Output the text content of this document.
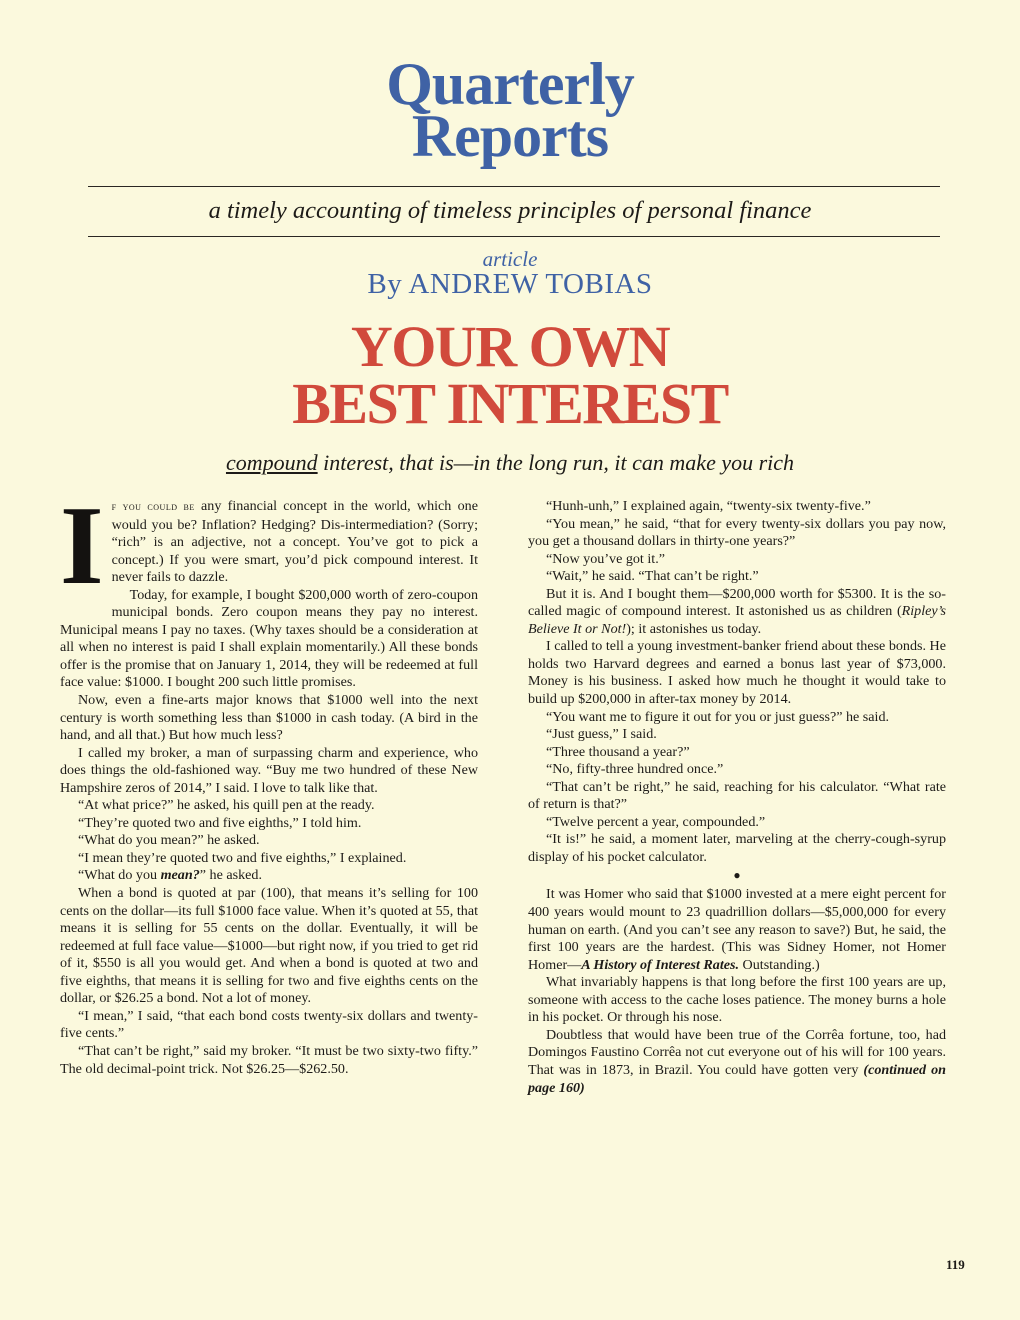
Quarterly
Reports
a timely accounting of timeless principles of personal finance
article
By ANDREW TOBIAS
YOUR OWN
BEST INTEREST
compound interest, that is—in the long run, it can make you rich

If you could be any financial concept in the world, which one would you be? Inflation? Hedging? Dis-intermediation? (Sorry; “rich” is an adjective, not a concept. You’ve got to pick a concept.) If you were smart, you’d pick compound interest. It never fails to dazzle.

Today, for example, I bought $200,000 worth of zero-coupon municipal bonds. Zero coupon means they pay no interest. Municipal means I pay no taxes. (Why taxes should be a consideration at all when no interest is paid I shall explain momentarily.) All these bonds offer is the promise that on January 1, 2014, they will be redeemed at full face value: $1000. I bought 200 such little promises.

Now, even a fine-arts major knows that $1000 well into the next century is worth something less than $1000 in cash today. (A bird in the hand, and all that.) But how much less?

I called my broker, a man of surpassing charm and experience, who does things the old-fashioned way. “Buy me two hundred of these New Hampshire zeros of 2014,” I said. I love to talk like that.

“At what price?” he asked, his quill pen at the ready.

“They’re quoted two and five eighths,” I told him.

“What do you mean?” he asked.

“I mean they’re quoted two and five eighths,” I explained.

“What do you mean?” he asked.

When a bond is quoted at par (100), that means it’s selling for 100 cents on the dollar—its full $1000 face value. When it’s quoted at 55, that means it is selling for 55 cents on the dollar. Eventually, it will be redeemed at full face value—$1000—but right now, if you tried to get rid of it, $550 is all you would get. And when a bond is quoted at two and five eighths, that means it is selling for two and five eighths cents on the dollar, or $26.25 a bond. Not a lot of money.

“I mean,” I said, “that each bond costs twenty-six dollars and twenty-five cents.”

“That can’t be right,” said my broker. “It must be two sixty-two fifty.” The old decimal-point trick. Not $26.25—$262.50.

“Hunh-unh,” I explained again, “twenty-six twenty-five.”

“You mean,” he said, “that for every twenty-six dollars you pay now, you get a thousand dollars in thirty-one years?”

“Now you’ve got it.”

“Wait,” he said. “That can’t be right.”

But it is. And I bought them—$200,000 worth for $5300. It is the so-called magic of compound interest. It astonished us as children (Ripley’s Believe It or Not!); it astonishes us today.

I called to tell a young investment-banker friend about these bonds. He holds two Harvard degrees and earned a bonus last year of $73,000. Money is his business. I asked how much he thought it would take to build up $200,000 in after-tax money by 2014.

“You want me to figure it out for you or just guess?” he said.

“Just guess,” I said.

“Three thousand a year?”

“No, fifty-three hundred once.”

“That can’t be right,” he said, reaching for his calculator. “What rate of return is that?”

“Twelve percent a year, compounded.”

“It is!” he said, a moment later, marveling at the cherry-cough-syrup display of his pocket calculator.

●

It was Homer who said that $1000 invested at a mere eight percent for 400 years would mount to 23 quadrillion dollars—$5,000,000 for every human on earth. (And you can’t see any reason to save?) But, he said, the first 100 years are the hardest. (This was Sidney Homer, not Homer Homer—A History of Interest Rates. Outstanding.)

What invariably happens is that long before the first 100 years are up, someone with access to the cache loses patience. The money burns a hole in his pocket. Or through his nose.

Doubtless that would have been true of the Corrêa fortune, too, had Domingos Faustino Corrêa not cut everyone out of his will for 100 years. That was in 1873, in Brazil. You could have gotten very (continued on page 160)

119
